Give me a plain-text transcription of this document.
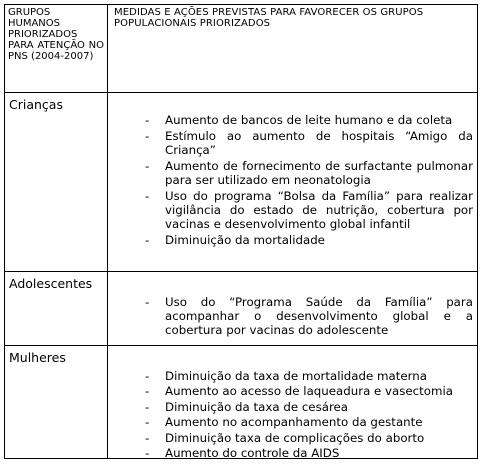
GRUPOS HUMANOS PRIORIZADOS PARA ATENÇÃO NO PNS (2004-2007)
MEDIDAS E AÇÕES PREVISTAS PARA FAVORECER OS GRUPOS POPULACIONAIS PRIORIZADOS
Crianças
Adolescentes
Mulheres
- Aumento de bancos de leite humano e da coleta
- Estímulo ao aumento de hospitais “Amigo da Criança”
- Aumento de fornecimento de surfactante pulmonar para ser utilizado em neonatologia
- Uso do programa “Bolsa da Família” para realizar vigilância do estado de nutrição, cobertura por vacinas e desenvolvimento global infantil
- Diminuição da mortalidade
- Uso do “Programa Saúde da Família” para acompanhar o desenvolvimento global e a cobertura por vacinas do adolescente
- Diminuição da taxa de mortalidade materna
- Aumento ao acesso de laqueadura e vasectomia
- Diminuição da taxa de cesárea
- Aumento no acompanhamento da gestante
- Diminuição taxa de complicações do aborto
- Aumento do controle da AIDS
